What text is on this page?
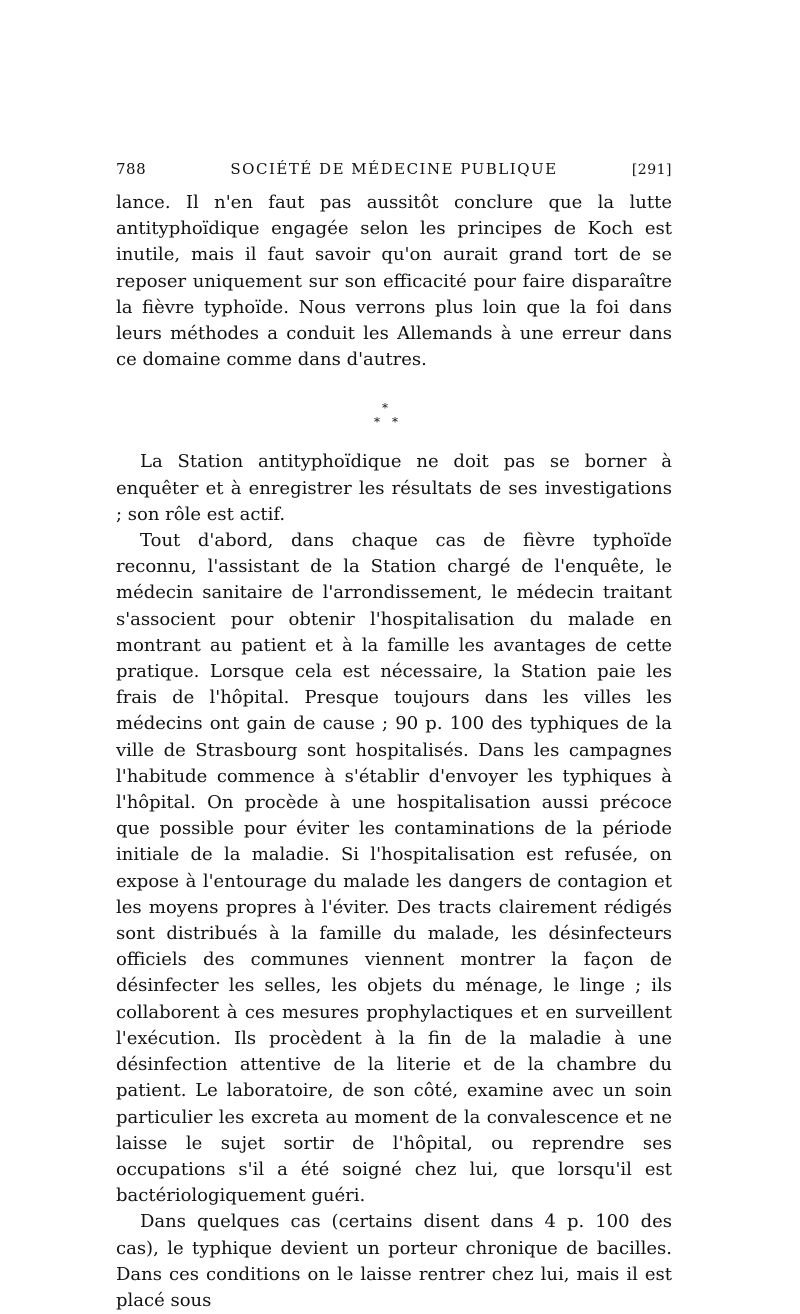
788	SOCIÉTÉ DE MÉDECINE PUBLIQUE	[291]

lance. Il n'en faut pas aussitôt conclure que la lutte antityphoïdique engagée selon les principes de Koch est inutile, mais il faut savoir qu'on aurait grand tort de se reposer uniquement sur son efficacité pour faire disparaître la fièvre typhoïde. Nous verrons plus loin que la foi dans leurs méthodes a conduit les Allemands à une erreur dans ce domaine comme dans d'autres.

*
* *

La Station antityphoïdique ne doit pas se borner à enquêter et à enregistrer les résultats de ses investigations ; son rôle est actif.

Tout d'abord, dans chaque cas de fièvre typhoïde reconnu, l'assistant de la Station chargé de l'enquête, le médecin sanitaire de l'arrondissement, le médecin traitant s'associent pour obtenir l'hospitalisation du malade en montrant au patient et à la famille les avantages de cette pratique. Lorsque cela est nécessaire, la Station paie les frais de l'hôpital. Presque toujours dans les villes les médecins ont gain de cause ; 90 p. 100 des typhiques de la ville de Strasbourg sont hospitalisés. Dans les campagnes l'habitude commence à s'établir d'envoyer les typhiques à l'hôpital. On procède à une hospitalisation aussi précoce que possible pour éviter les contaminations de la période initiale de la maladie. Si l'hospitalisation est refusée, on expose à l'entourage du malade les dangers de contagion et les moyens propres à l'éviter. Des tracts clairement rédigés sont distribués à la famille du malade, les désinfecteurs officiels des communes viennent montrer la façon de désinfecter les selles, les objets du ménage, le linge ; ils collaborent à ces mesures prophylactiques et en surveillent l'exécution. Ils procèdent à la fin de la maladie à une désinfection attentive de la literie et de la chambre du patient. Le laboratoire, de son côté, examine avec un soin particulier les excreta au moment de la convalescence et ne laisse le sujet sortir de l'hôpital, ou reprendre ses occupations s'il a été soigné chez lui, que lorsqu'il est bactériologiquement guéri.

Dans quelques cas (certains disent dans 4 p. 100 des cas), le typhique devient un porteur chronique de bacilles. Dans ces conditions on le laisse rentrer chez lui, mais il est placé sous
